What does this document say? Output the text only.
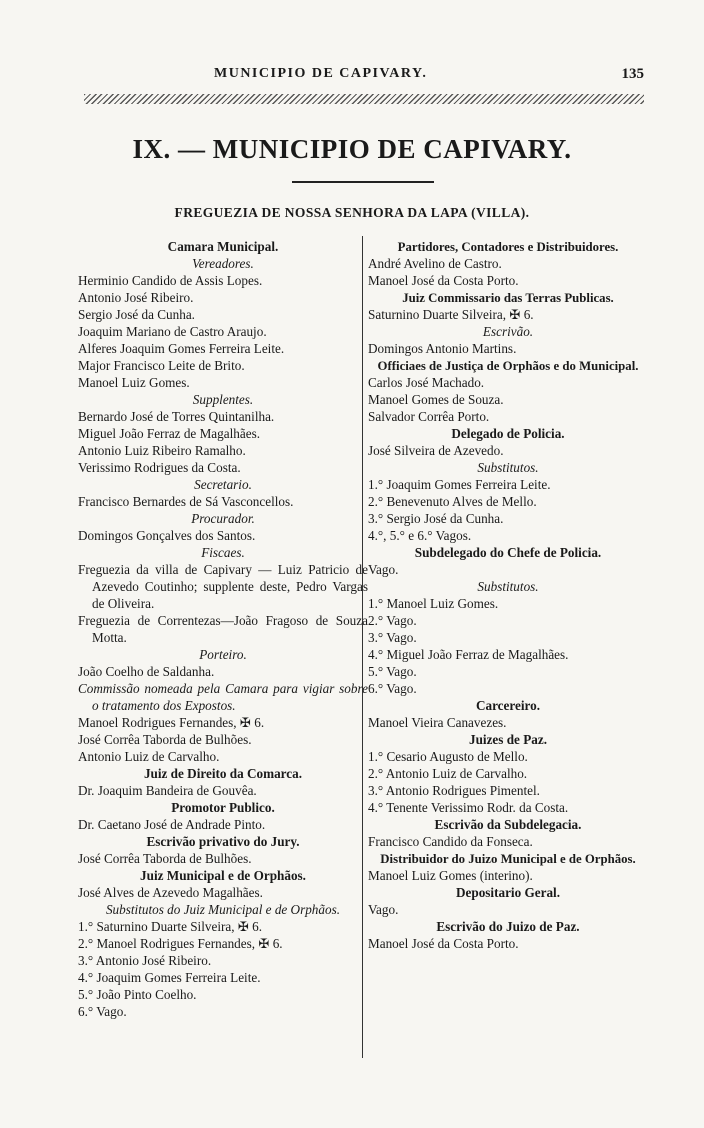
MUNICIPIO DE CAPIVARY.	135
IX. — MUNICIPIO DE CAPIVARY.
FREGUEZIA DE NOSSA SENHORA DA LAPA (VILLA).
Camara Municipal.
Vereadores.
Herminio Candido de Assis Lopes.
Antonio José Ribeiro.
Sergio José da Cunha.
Joaquim Mariano de Castro Araujo.
Alferes Joaquim Gomes Ferreira Leite.
Major Francisco Leite de Brito.
Manoel Luiz Gomes.
Supplentes.
Bernardo José de Torres Quintanilha.
Miguel João Ferraz de Magalhães.
Antonio Luiz Ribeiro Ramalho.
Verissimo Rodrigues da Costa.
Secretario.
Francisco Bernardes de Sá Vasconcellos.
Procurador.
Domingos Gonçalves dos Santos.
Fiscaes.
Freguezia da villa de Capivary — Luiz Patricio de Azevedo Coutinho; supplente deste, Pedro Vargas de Oliveira.
Freguezia de Correntezas—João Fragoso de Souza Motta.
Porteiro.
João Coelho de Saldanha.
Commissão nomeada pela Camara para vigiar sobre o tratamento dos Expostos.
Manoel Rodrigues Fernandes, ✠ 6.
José Corrêa Taborda de Bulhões.
Antonio Luiz de Carvalho.
Juiz de Direito da Comarca.
Dr. Joaquim Bandeira de Gouvêa.
Promotor Publico.
Dr. Caetano José de Andrade Pinto.
Escrivão privativo do Jury.
José Corrêa Taborda de Bulhões.
Juiz Municipal e de Orphãos.
José Alves de Azevedo Magalhães.
Substitutos do Juiz Municipal e de Orphãos.
1.° Saturnino Duarte Silveira, ✠ 6.
2.° Manoel Rodrigues Fernandes, ✠ 6.
3.° Antonio José Ribeiro.
4.° Joaquim Gomes Ferreira Leite.
5.° João Pinto Coelho.
6.° Vago.
Partidores, Contadores e Distribuidores.
André Avelino de Castro.
Manoel José da Costa Porto.
Juiz Commissario das Terras Publicas.
Saturnino Duarte Silveira, ✠ 6.
Escrivão.
Domingos Antonio Martins.
Officiaes de Justiça de Orphãos e do Municipal.
Carlos José Machado.
Manoel Gomes de Souza.
Salvador Corrêa Porto.
Delegado de Policia.
José Silveira de Azevedo.
Substitutos.
1.° Joaquim Gomes Ferreira Leite.
2.° Benevenuto Alves de Mello.
3.° Sergio José da Cunha.
4.°, 5.° e 6.° Vagos.
Subdelegado do Chefe de Policia.
Vago.
Substitutos.
1.° Manoel Luiz Gomes.
2.° Vago.
3.° Vago.
4.° Miguel João Ferraz de Magalhães.
5.° Vago.
6.° Vago.
Carcereiro.
Manoel Vieira Canavezes.
Juizes de Paz.
1.° Cesario Augusto de Mello.
2.° Antonio Luiz de Carvalho.
3.° Antonio Rodrigues Pimentel.
4.° Tenente Verissimo Rodr. da Costa.
Escrivão da Subdelegacia.
Francisco Candido da Fonseca.
Distribuidor do Juizo Municipal e de Orphãos.
Manoel Luiz Gomes (interino).
Depositario Geral.
Vago.
Escrivão do Juizo de Paz.
Manoel José da Costa Porto.
